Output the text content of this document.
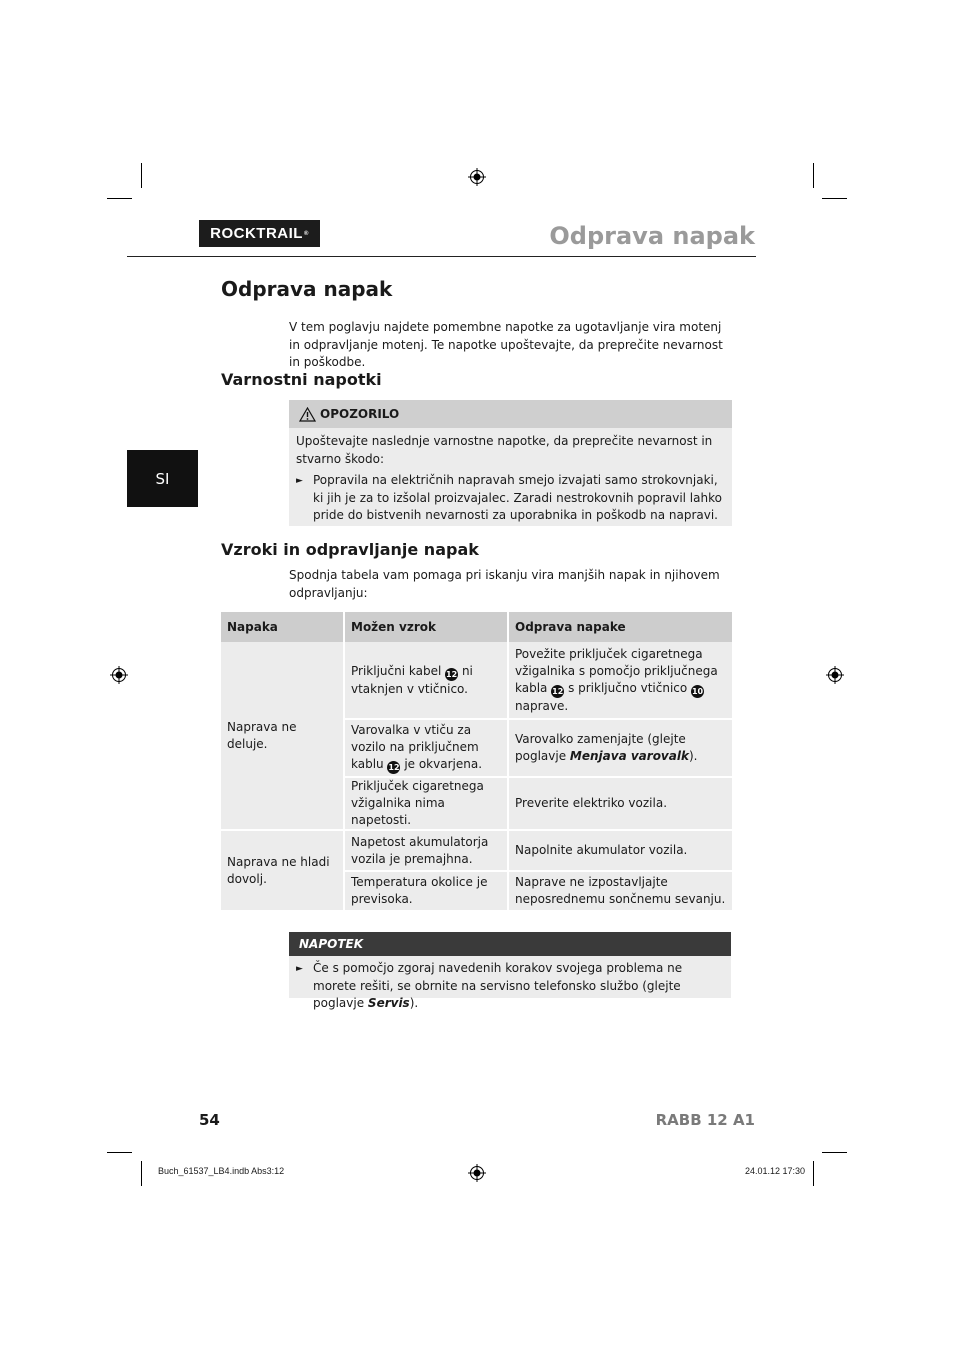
ROCKTRAIL ®	Odprava napak
SI
Odprava napak
V tem poglavju najdete pomembne napotke za ugotavljanje vira motenj in odpravljanje motenj. Te napotke upoštevajte, da preprečite nevarnost in poškodbe.
Varnostni napotki
OPOZORILO
Upoštevajte naslednje varnostne napotke, da preprečite nevarnost in stvarno škodo:
► Popravila na električnih napravah smejo izvajati samo strokovnjaki, ki jih je za to izšolal proizvajalec. Zaradi nestrokovnih popravil lahko pride do bistvenih nevarnosti za uporabnika in poškodb na napravi.
Vzroki in odpravljanje napak
Spodnja tabela vam pomaga pri iskanju vira manjših napak in njihovem odpravljanju:
Napaka	Možen vzrok	Odprava napake
Naprava ne deluje.	Priključni kabel 12 ni vtaknjen v vtičnico.	Povežite priključek cigaretnega vžigalnika s pomočjo priključnega kabla 12 s priključno vtičnico 10 naprave.
	Varovalka v vtiču za vozilo na priključnem kablu 12 je okvarjena.	Varovalko zamenjajte (glejte poglavje Menjava varovalk).
	Priključek cigaretnega vžigalnika nima napetosti.	Preverite elektriko vozila.
Naprava ne hladi dovolj.	Napetost akumulatorja vozila je premajhna.	Napolnite akumulator vozila.
	Temperatura okolice je previsoka.	Naprave ne izpostavljajte neposrednemu sončnemu sevanju.
NAPOTEK
► Če s pomočjo zgoraj navedenih korakov svojega problema ne morete rešiti, se obrnite na servisno telefonsko službo (glejte poglavje Servis).
54	RABB 12 A1
Buch_61537_LB4.indb Abs3:12	24.01.12 17:30
